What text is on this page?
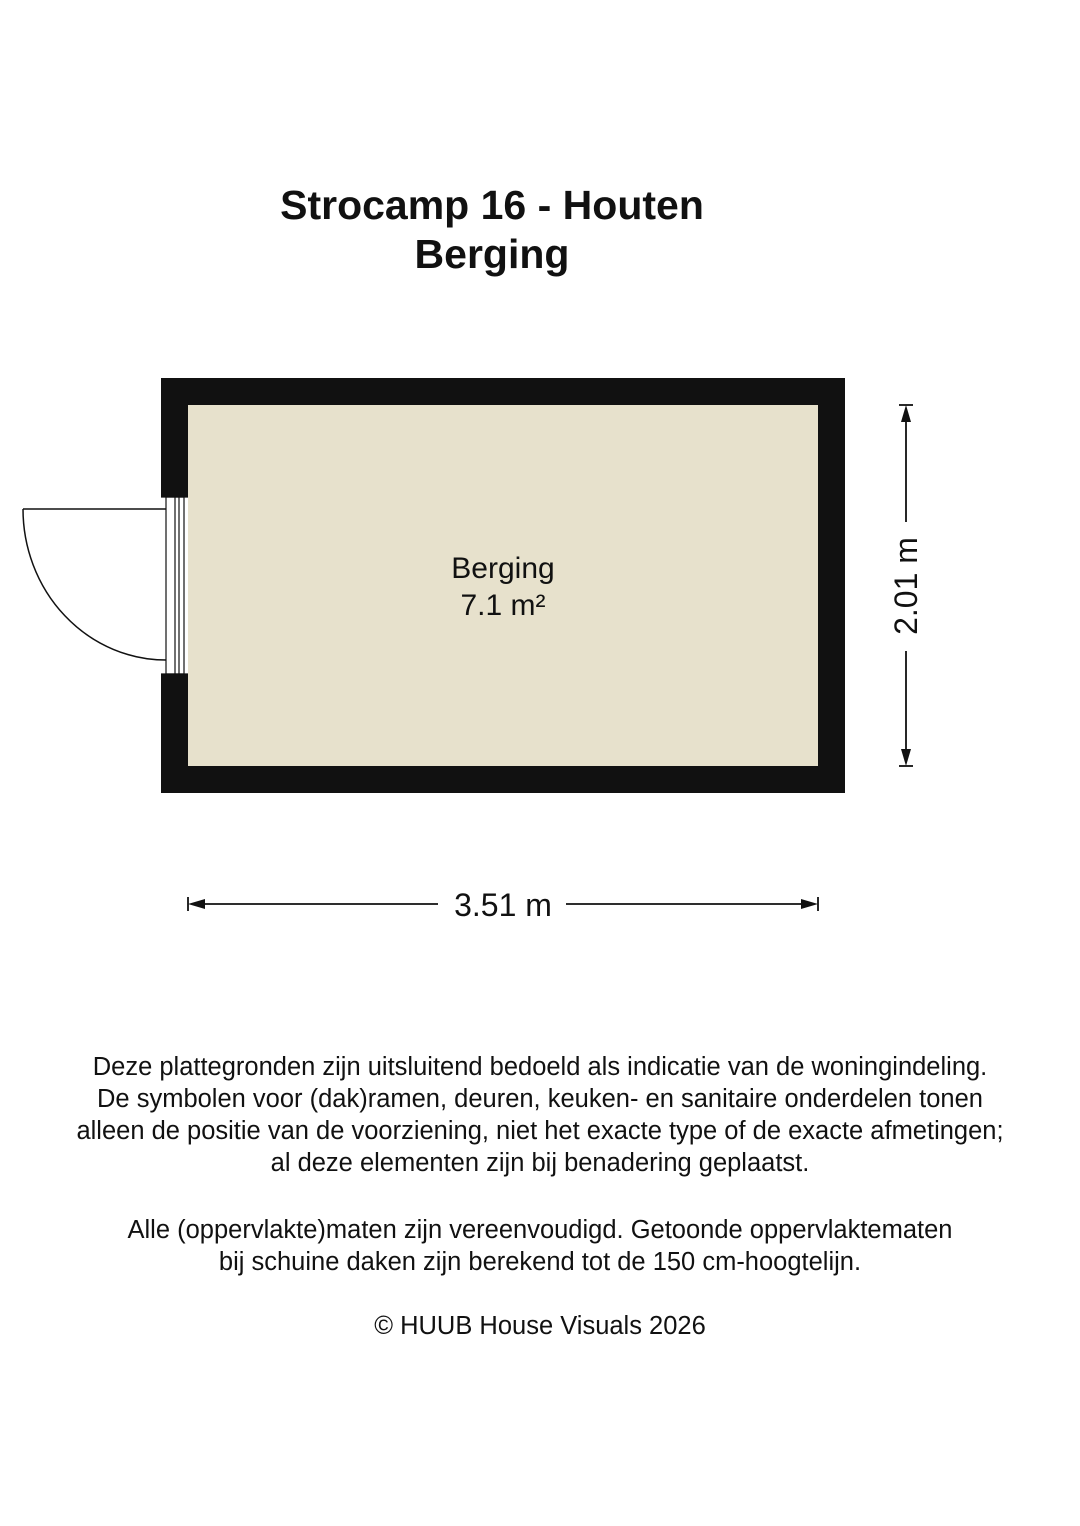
Strocamp 16 - Houten
Berging
Berging
7.1 m²	2.01 m
3.51 m

Deze plattegronden zijn uitsluitend bedoeld als indicatie van de woningindeling.
De symbolen voor (dak)ramen, deuren, keuken- en sanitaire onderdelen tonen
alleen de positie van de voorziening, niet het exacte type of de exacte afmetingen;
al deze elementen zijn bij benadering geplaatst.

Alle (oppervlakte)maten zijn vereenvoudigd. Getoonde oppervlaktematen
bij schuine daken zijn berekend tot de 150 cm-hoogtelijn.

© HUUB House Visuals 2026
